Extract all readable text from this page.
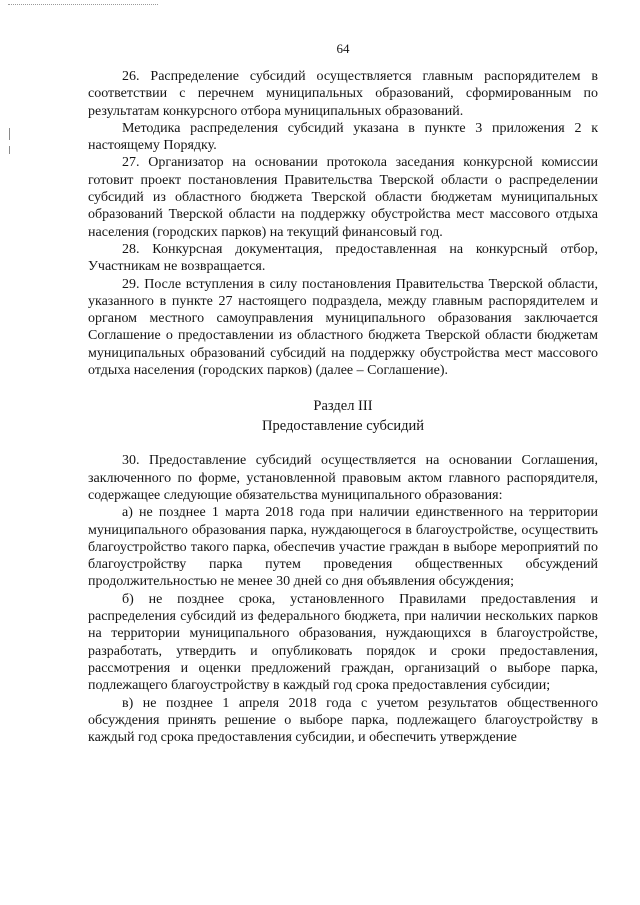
64

26. Распределение субсидий осуществляется главным распорядителем в соответствии с перечнем муниципальных образований, сформированным по результатам конкурсного отбора муниципальных образований.

Методика распределения субсидий указана в пункте 3 приложения 2 к настоящему Порядку.

27. Организатор на основании протокола заседания конкурсной комиссии готовит проект постановления Правительства Тверской области о распределении субсидий из областного бюджета Тверской области бюджетам муниципальных образований Тверской области на поддержку обустройства мест массового отдыха населения (городских парков) на текущий финансовый год.

28. Конкурсная документация, предоставленная на конкурсный отбор, Участникам не возвращается.

29. После вступления в силу постановления Правительства Тверской области, указанного в пункте 27 настоящего подраздела, между главным распорядителем и органом местного самоуправления муниципального образования заключается Соглашение о предоставлении из областного бюджета Тверской области бюджетам муниципальных образований субсидий на поддержку обустройства мест массового отдыха населения (городских парков) (далее – Соглашение).

Раздел III
Предоставление субсидий

30. Предоставление субсидий осуществляется на основании Соглашения, заключенного по форме, установленной правовым актом главного распорядителя, содержащее следующие обязательства муниципального образования:

а) не позднее 1 марта 2018 года при наличии единственного на территории муниципального образования парка, нуждающегося в благоустройстве, осуществить благоустройство такого парка, обеспечив участие граждан в выборе мероприятий по благоустройству парка путем проведения общественных обсуждений продолжительностью не менее 30 дней со дня объявления обсуждения;

б) не позднее срока, установленного Правилами предоставления и распределения субсидий из федерального бюджета, при наличии нескольких парков на территории муниципального образования, нуждающихся в благоустройстве, разработать, утвердить и опубликовать порядок и сроки предоставления, рассмотрения и оценки предложений граждан, организаций о выборе парка, подлежащего благоустройству в каждый год срока предоставления субсидии;

в) не позднее 1 апреля 2018 года с учетом результатов общественного обсуждения принять решение о выборе парка, подлежащего благоустройству в каждый год срока предоставления субсидии, и обеспечить утверждение
